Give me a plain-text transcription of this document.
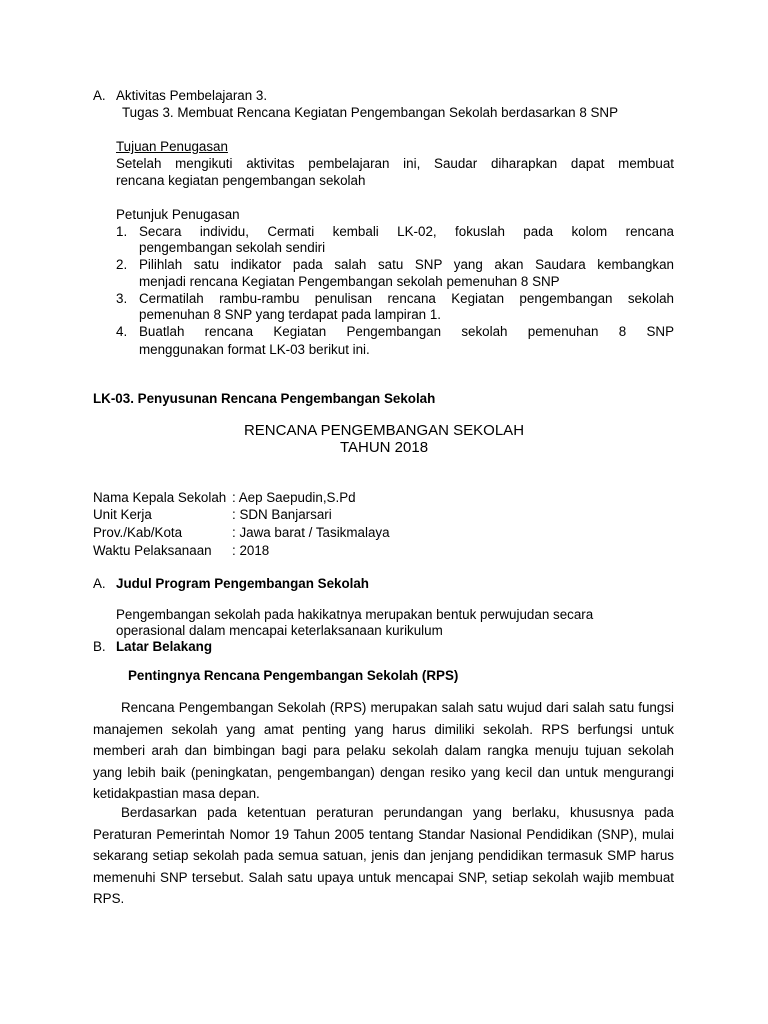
A. Aktivitas Pembelajaran 3.
Tugas 3. Membuat Rencana Kegiatan Pengembangan Sekolah berdasarkan 8 SNP
Tujuan Penugasan
Setelah mengikuti aktivitas pembelajaran ini, Saudar diharapkan dapat membuat
rencana kegiatan pengembangan sekolah
Petunjuk Penugasan
1. Secara individu, Cermati kembali LK-02, fokuslah pada kolom rencana
pengembangan sekolah sendiri
2. Pilihlah satu indikator pada salah satu SNP yang akan Saudara kembangkan
menjadi rencana Kegiatan Pengembangan sekolah pemenuhan 8 SNP
3. Cermatilah rambu-rambu penulisan rencana Kegiatan pengembangan sekolah
pemenuhan 8 SNP yang terdapat pada lampiran 1.
4. Buatlah rencana Kegiatan Pengembangan sekolah pemenuhan 8 SNP
menggunakan format LK-03 berikut ini.
LK-03. Penyusunan Rencana Pengembangan Sekolah
RENCANA PENGEMBANGAN SEKOLAH
TAHUN 2018
Nama Kepala Sekolah : Aep Saepudin,S.Pd
Unit Kerja	: SDN Banjarsari
Prov./Kab/Kota	: Jawa barat / Tasikmalaya
Waktu Pelaksanaan : 2018
A. Judul Program Pengembangan Sekolah
Pengembangan sekolah pada hakikatnya merupakan bentuk perwujudan secara
operasional dalam mencapai keterlaksanaan kurikulum
B. Latar Belakang
Pentingnya Rencana Pengembangan Sekolah (RPS)
Rencana Pengembangan Sekolah (RPS) merupakan salah satu wujud dari salah satu fungsi manajemen sekolah yang amat penting yang harus dimiliki sekolah. RPS berfungsi untuk memberi arah dan bimbingan bagi para pelaku sekolah dalam rangka menuju tujuan sekolah yang lebih baik (peningkatan, pengembangan) dengan resiko yang kecil dan untuk mengurangi ketidakpastian masa depan.
Berdasarkan pada ketentuan peraturan perundangan yang berlaku, khususnya pada Peraturan Pemerintah Nomor 19 Tahun 2005 tentang Standar Nasional Pendidikan (SNP), mulai sekarang setiap sekolah pada semua satuan, jenis dan jenjang pendidikan termasuk SMP harus memenuhi SNP tersebut. Salah satu upaya untuk mencapai SNP, setiap sekolah wajib membuat RPS.
